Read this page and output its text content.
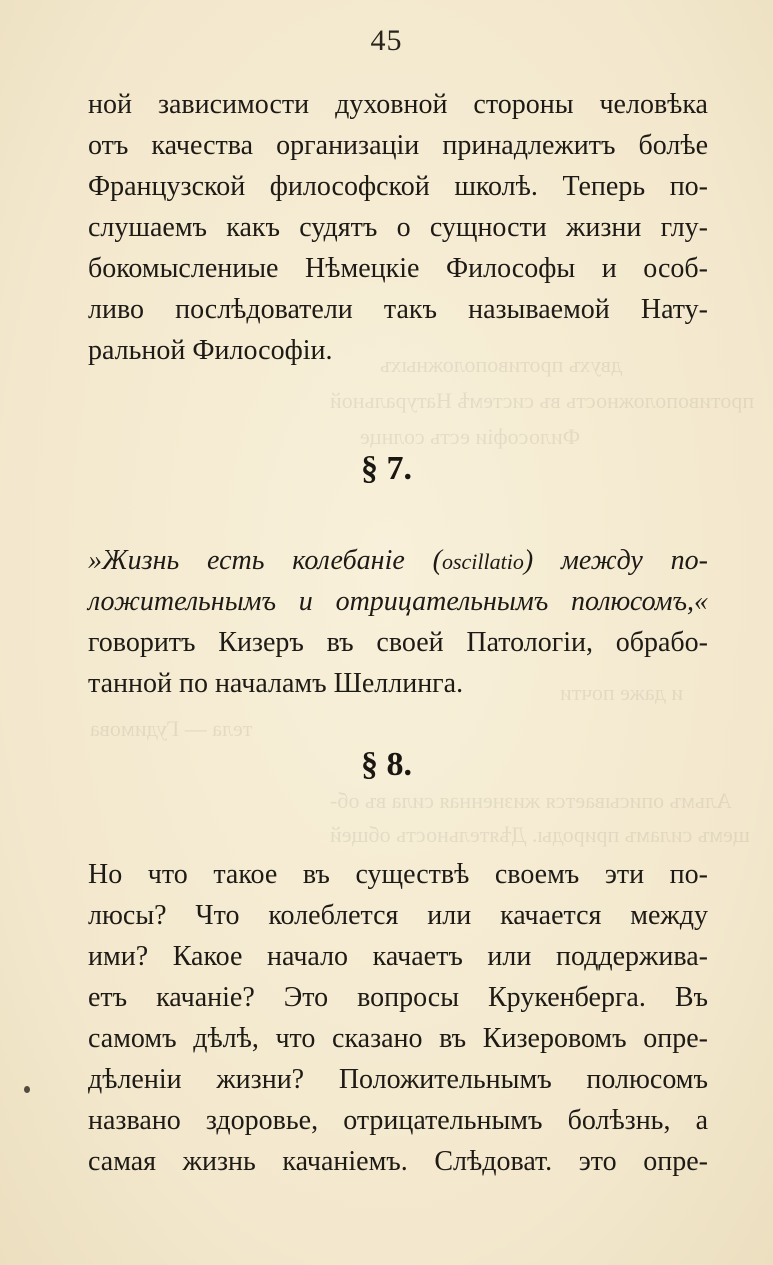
45
двухъ противоположныхъ
противоположность въ системѣ Натуральной
Философіи есть солнце
и даже почти
тела — Гудимова
Альмъ описывается жизненная сила въ об-
щемъ силамъ природы. Дѣятельность общей
ной зависимости духовной стороны человѣка
отъ качества организаціи принадлежитъ болѣе
Французской философской школѣ. Теперь по-
слушаемъ какъ судятъ о сущности жизни глу-
бокомыслениые Нѣмецкіе Философы и особ-
ливо послѣдователи такъ называемой Нату-
ральной Философіи.
§ 7.
»Жизнь есть колебаніе (oscillatio) между по-
ложительнымъ и отрицательнымъ полюсомъ,«
говоритъ Кизеръ въ своей Патологіи, обрабо-
танной по началамъ Шеллинга.
§ 8.
Но что такое въ существѣ своемъ эти по-
люсы? Что колеблется или качается между
ими? Какое начало качаетъ или поддержива-
етъ качаніе? Это вопросы Крукенберга. Въ
самомъ дѣлѣ, что сказано въ Кизеровомъ опре-
дѣленіи жизни? Положительнымъ полюсомъ
названо здоровье, отрицательнымъ болѣзнь, а
самая жизнь качаніемъ. Слѣдоват. это опре-
